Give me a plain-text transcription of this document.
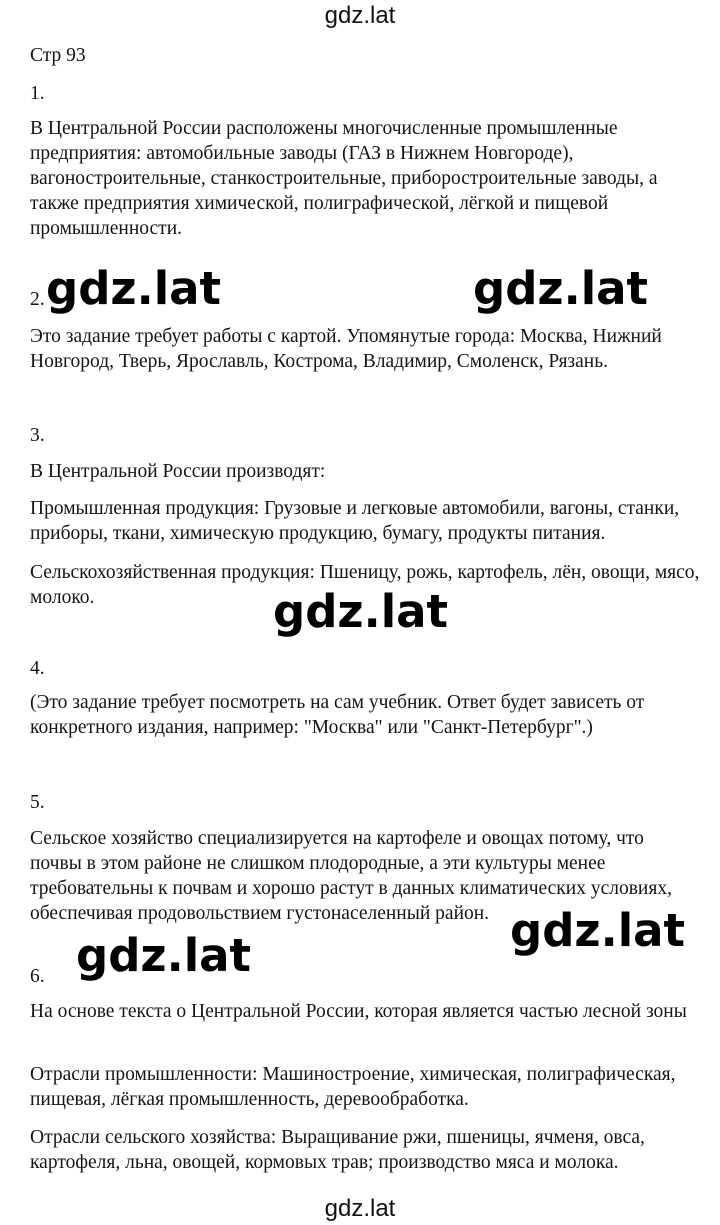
gdz.lat
Стр 93
1.

В Центральной России расположены многочисленные промышленные предприятия: автомобильные заводы (ГАЗ в Нижнем Новгороде), вагоностроительные, станкостроительные, приборостроительные заводы, а также предприятия химической, полиграфической, лёгкой и пищевой промышленности.

2.

Это задание требует работы с картой. Упомянутые города: Москва, Нижний Новгород, Тверь, Ярославль, Кострома, Владимир, Смоленск, Рязань.

3.

В Центральной России производят:

Промышленная продукция: Грузовые и легковые автомобили, вагоны, станки, приборы, ткани, химическую продукцию, бумагу, продукты питания.

Сельскохозяйственная продукция: Пшеницу, рожь, картофель, лён, овощи, мясо, молоко.

4.

(Это задание требует посмотреть на сам учебник. Ответ будет зависеть от конкретного издания, например: "Москва" или "Санкт-Петербург".)

5.

Сельское хозяйство специализируется на картофеле и овощах потому, что почвы в этом районе не слишком плодородные, а эти культуры менее требовательны к почвам и хорошо растут в данных климатических условиях, обеспечивая продовольствием густонаселенный район.

6.

На основе текста о Центральной России, которая является частью лесной зоны

Отрасли промышленности: Машиностроение, химическая, полиграфическая, пищевая, лёгкая промышленность, деревообработка.

Отрасли сельского хозяйства: Выращивание ржи, пшеницы, ячменя, овса, картофеля, льна, овощей, кормовых трав; производство мяса и молока.

gdz.lat	gdz.lat
gdz.lat
gdz.lat
gdz.lat
gdz.lat
